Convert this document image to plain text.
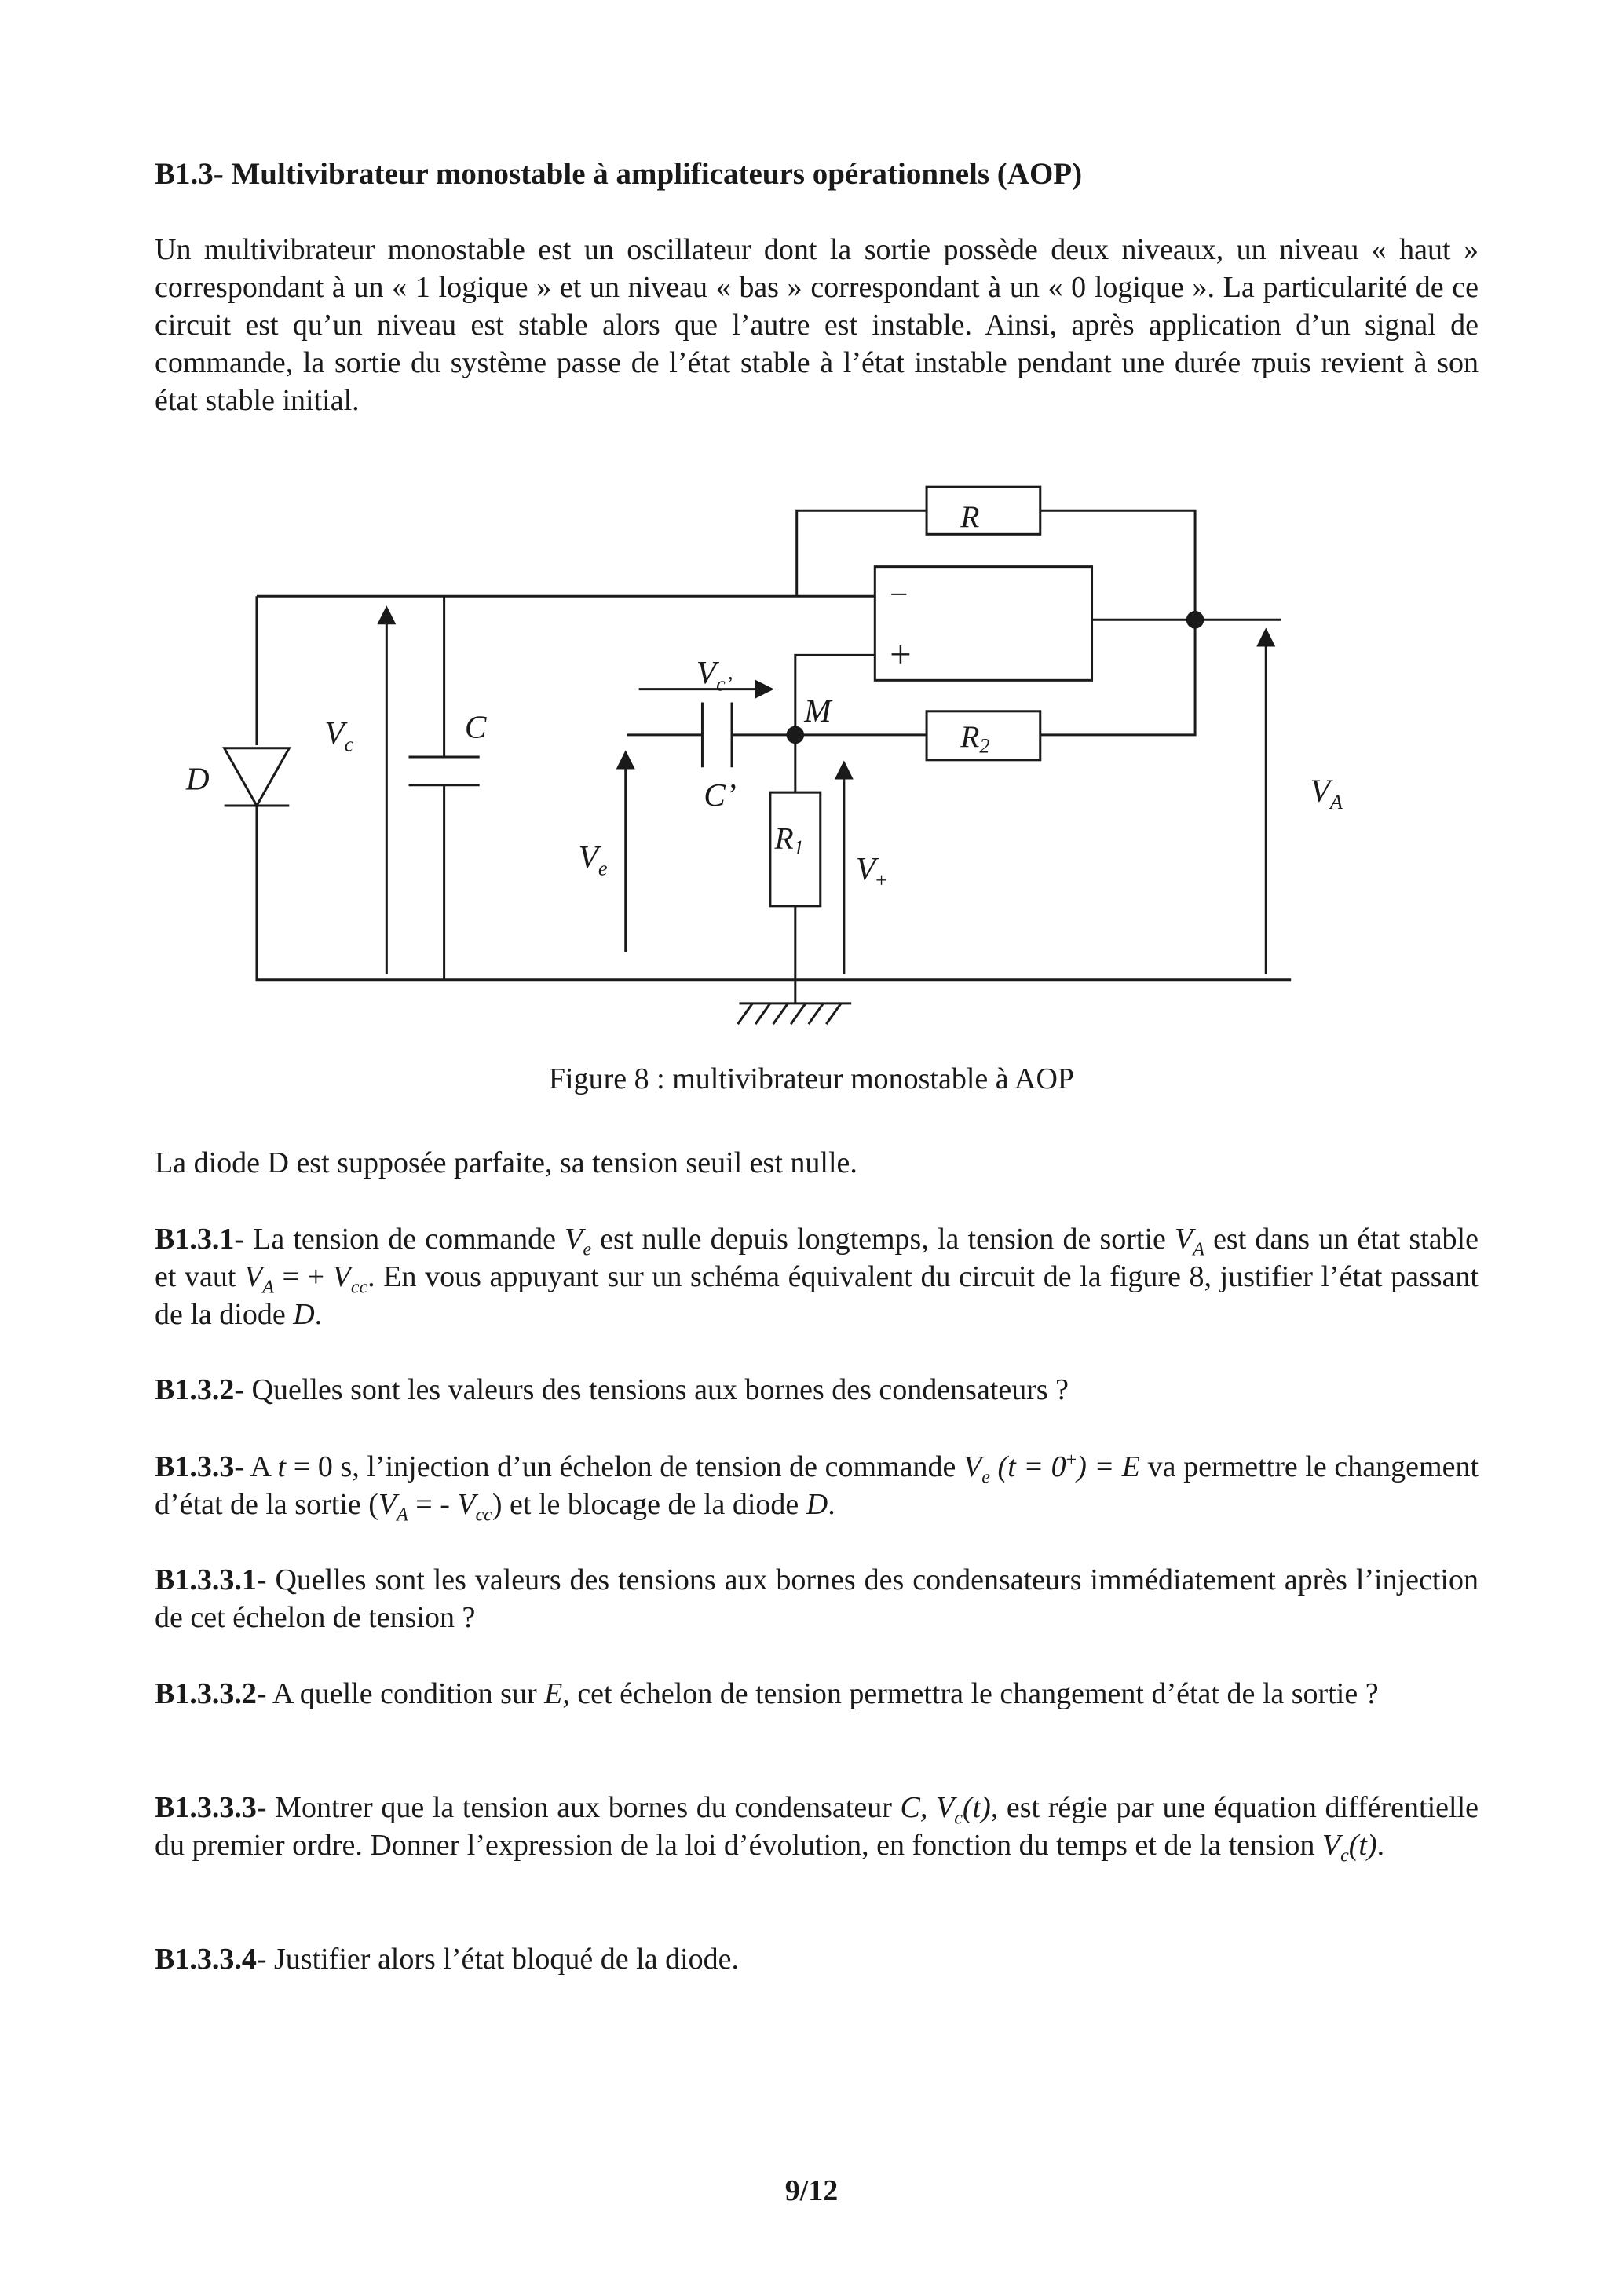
B1.3- Multivibrateur monostable à amplificateurs opérationnels (AOP)
Un multivibrateur monostable est un oscillateur dont la sortie possède deux niveaux, un niveau « haut » correspondant à un « 1 logique » et un niveau « bas » correspondant à un « 0 logique ». La particularité de ce circuit est qu’un niveau est stable alors que l’autre est instable. Ainsi, après application d’un signal de commande, la sortie du système passe de l’état stable à l’état instable pendant une durée τpuis revient à son état stable initial.
−
+
R
R2
R1
C
C’
D
$V_c$
$V_e$	$V_+$
$V_A$
$V_{c’}$
M
Figure 8 : multivibrateur monostable à AOP
La diode D est supposée parfaite, sa tension seuil est nulle.
B1.3.1- La tension de commande $V_e$ est nulle depuis longtemps, la tension de sortie $V_A$ est dans un état stable et vaut $V_A$ = + $V_{cc}$. En vous appuyant sur un schéma équivalent du circuit de la figure 8, justifier l’état passant de la diode D.
B1.3.2- Quelles sont les valeurs des tensions aux bornes des condensateurs ?
B1.3.3- A t = 0 s, l’injection d’un échelon de tension de commande $V_e$ (t = 0+) = E va permettre le changement d’état de la sortie ($V_A$ = - $V_{cc}$) et le blocage de la diode D.
B1.3.3.1- Quelles sont les valeurs des tensions aux bornes des condensateurs immédiatement après l’injection de cet échelon de tension ?
B1.3.3.2- A quelle condition sur E, cet échelon de tension permettra le changement d’état de la sortie ?
B1.3.3.3- Montrer que la tension aux bornes du condensateur C, $V_c(t)$, est régie par une équation différentielle du premier ordre. Donner l’expression de la loi d’évolution, en fonction du temps et de la tension $V_c(t)$.
B1.3.3.4- Justifier alors l’état bloqué de la diode.
9/12
